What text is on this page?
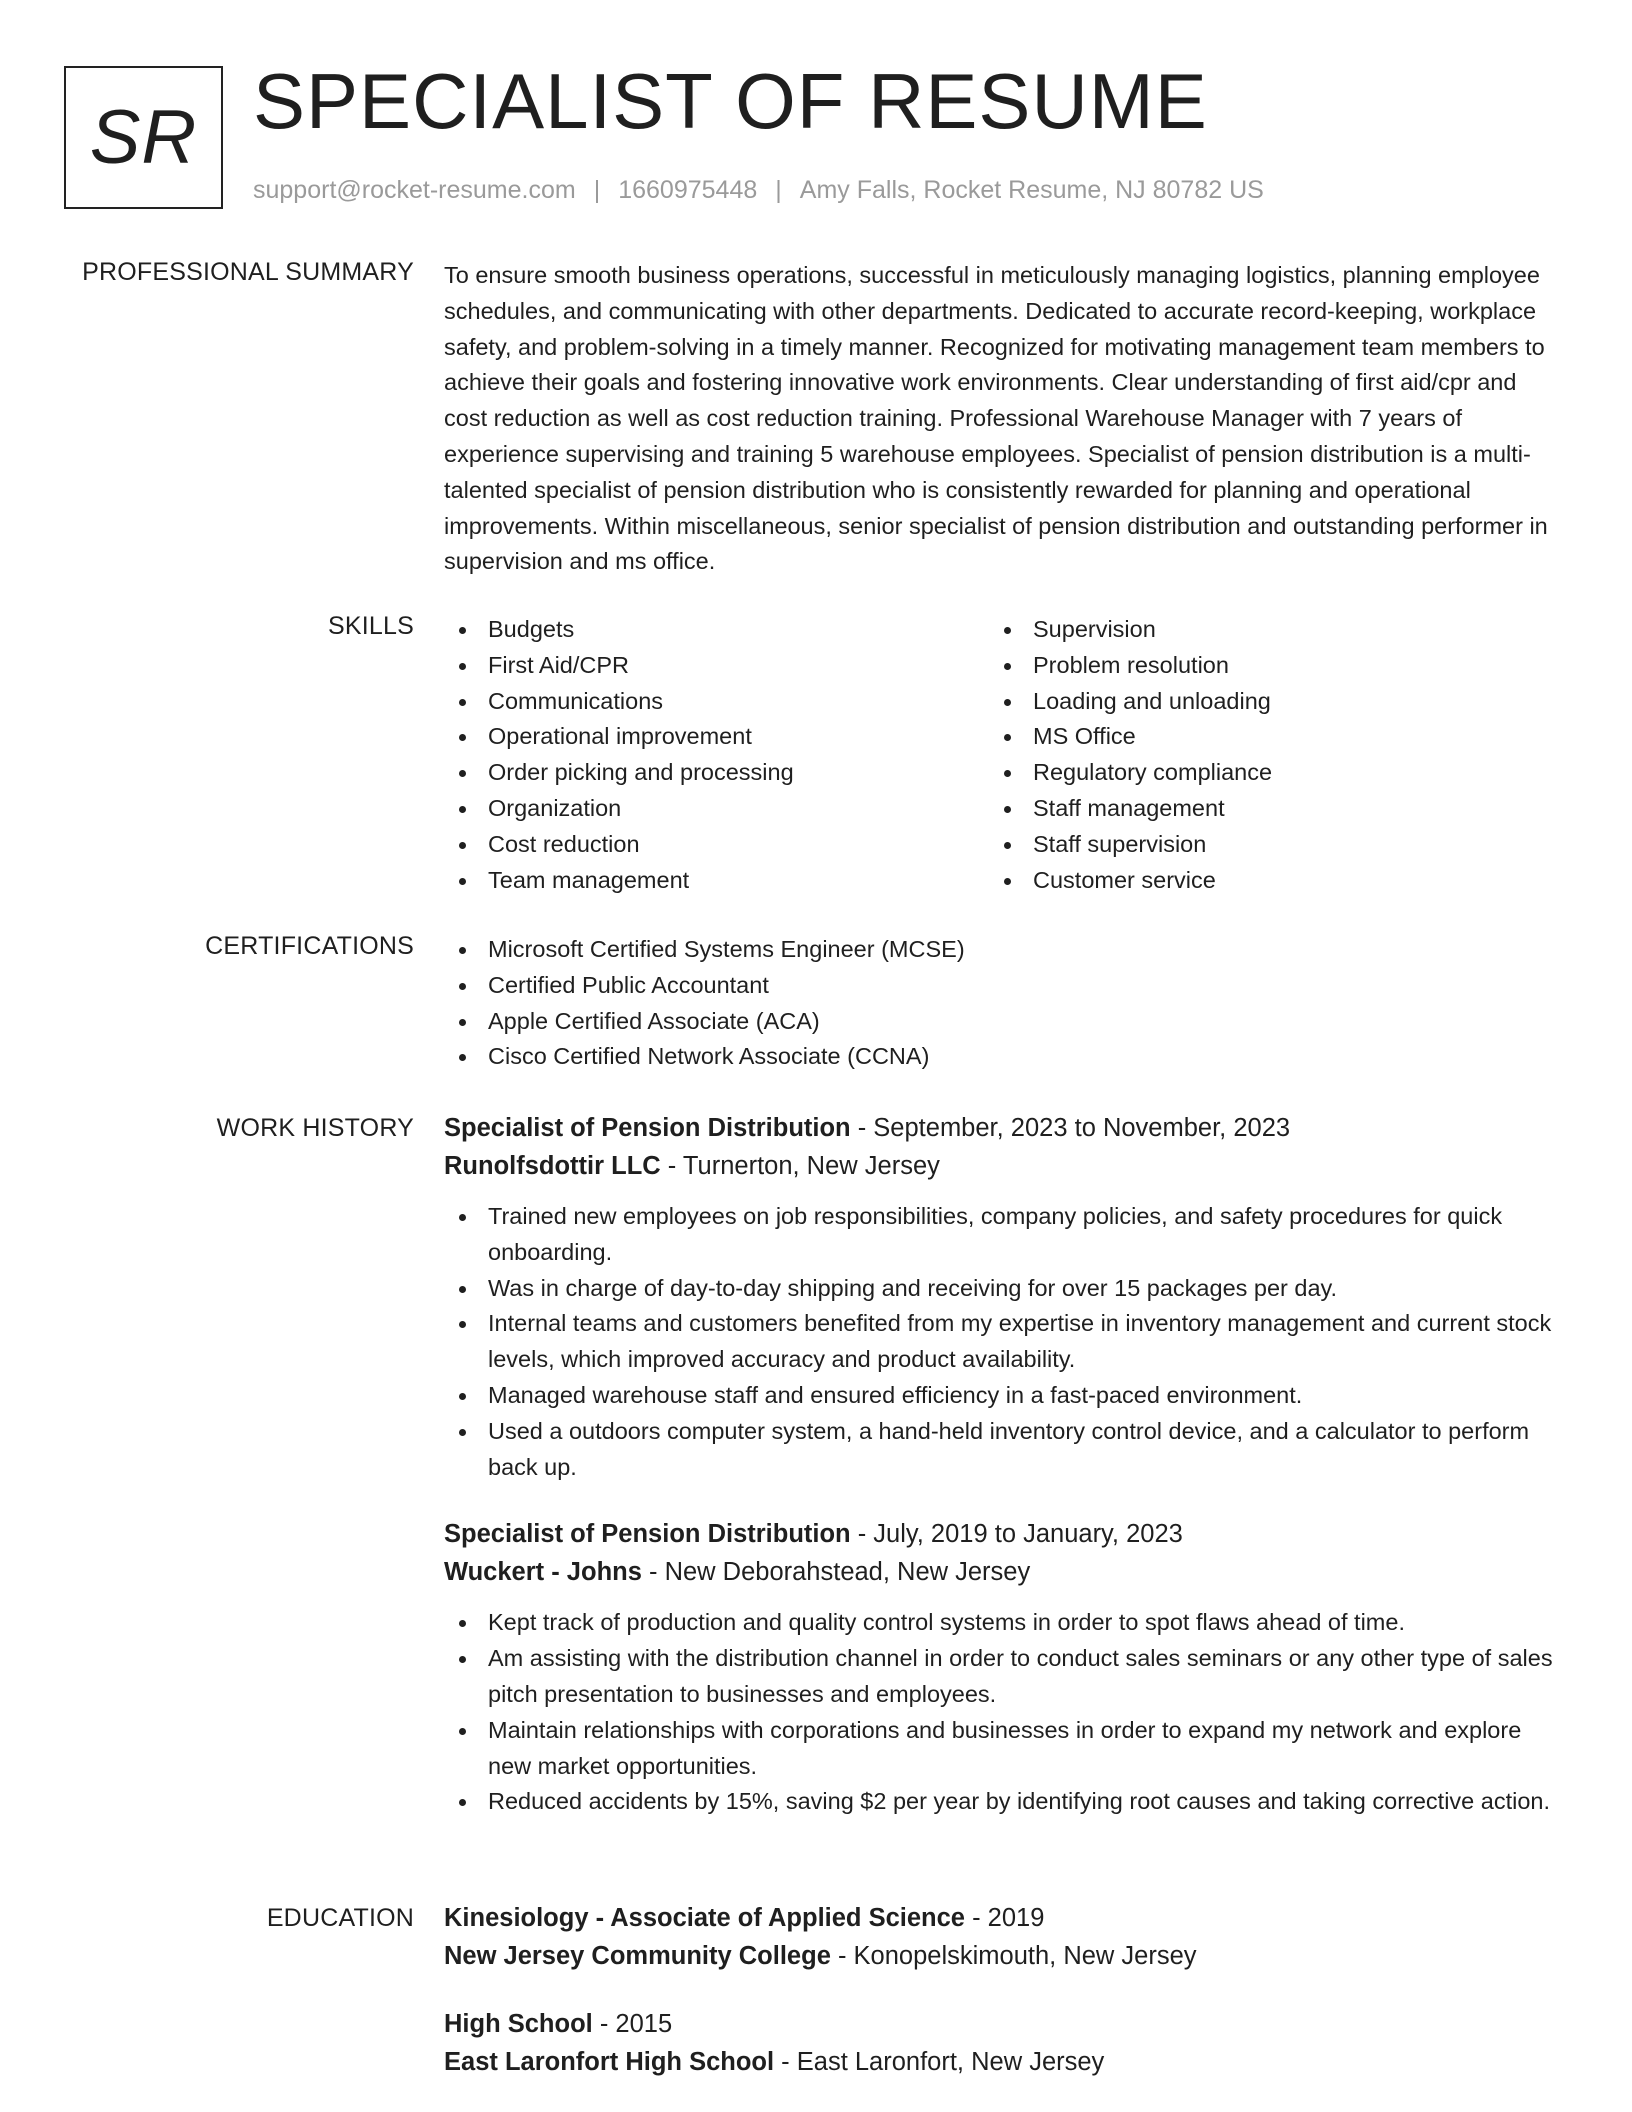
SR SPECIALIST OF RESUME
support@rocket-resume.com | 1660975448 | Amy Falls, Rocket Resume, NJ 80782 US
PROFESSIONAL SUMMARY To ensure smooth business operations, successful in meticulously managing logistics, planning employee schedules, and communicating with other departments. Dedicated to accurate record-keeping, workplace safety, and problem-solving in a timely manner. Recognized for motivating management team members to achieve their goals and fostering innovative work environments. Clear understanding of first aid/cpr and cost reduction as well as cost reduction training. Professional Warehouse Manager with 7 years of experience supervising and training 5 warehouse employees. Specialist of pension distribution is a multi-talented specialist of pension distribution who is consistently rewarded for planning and operational improvements. Within miscellaneous, senior specialist of pension distribution and outstanding performer in supervision and ms office.
SKILLS	Budgets
First Aid/CPR
Communications
Operational improvement
Order picking and processing
Organization
Cost reduction
Team management
Supervision
Problem resolution
Loading and unloading
MS Office
Regulatory compliance
Staff management
Staff supervision
Customer service
CERTIFICATIONS	Microsoft Certified Systems Engineer (MCSE)
Certified Public Accountant
Apple Certified Associate (ACA)
Cisco Certified Network Associate (CCNA)
WORK HISTORY Specialist of Pension Distribution - September, 2023 to November, 2023
Runolfsdottir LLC - Turnerton, New Jersey
Trained new employees on job responsibilities, company policies, and safety procedures for quick onboarding.
Was in charge of day-to-day shipping and receiving for over 15 packages per day.
Internal teams and customers benefited from my expertise in inventory management and current stock levels, which improved accuracy and product availability.
Managed warehouse staff and ensured efficiency in a fast-paced environment.
Used a outdoors computer system, a hand-held inventory control device, and a calculator to perform back up.
Specialist of Pension Distribution - July, 2019 to January, 2023
Wuckert - Johns - New Deborahstead, New Jersey
Kept track of production and quality control systems in order to spot flaws ahead of time.
Am assisting with the distribution channel in order to conduct sales seminars or any other type of sales pitch presentation to businesses and employees.
Maintain relationships with corporations and businesses in order to expand my network and explore new market opportunities.
Reduced accidents by 15%, saving $2 per year by identifying root causes and taking corrective action.
EDUCATION Kinesiology - Associate of Applied Science - 2019
New Jersey Community College - Konopelskimouth, New Jersey
High School - 2015
East Laronfort High School - East Laronfort, New Jersey
